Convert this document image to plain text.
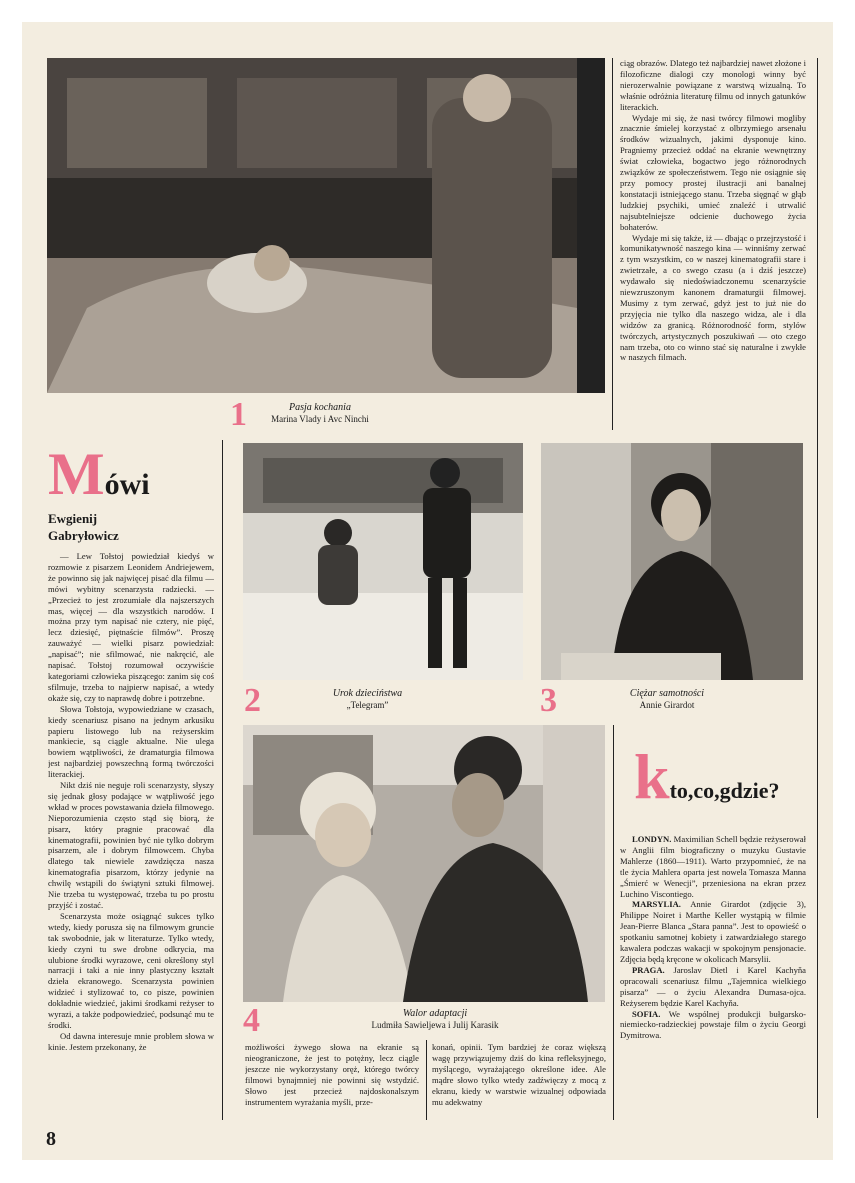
1	Pasja kochania
Marina Vlady i Avc Ninchi

ciąg obrazów. Dlatego też najbardziej nawet złożone i filozoficzne dialogi czy monologi winny być nierozerwalnie powiązane z warstwą wizualną. To właśnie odróżnia literaturę filmu od innych gatunków literackich.

Wydaje mi się, że nasi twórcy filmowi mogliby znacznie śmielej korzystać z olbrzymiego arsenału środków wizualnych, jakimi dysponuje kino. Pragniemy przecież oddać na ekranie wewnętrzny świat człowieka, bogactwo jego różnorodnych związków ze społeczeństwem. Tego nie osiągnie się przy pomocy prostej ilustracji ani banalnej konstatacji istniejącego stanu. Trzeba sięgnąć w głąb ludzkiej psychiki, umieć znaleźć i utrwalić najsubtelniejsze odcienie duchowego życia bohaterów.

Wydaje mi się także, iż — dbając o przejrzystość i komunikatywność naszego kina — winniśmy zerwać z tym wszystkim, co w naszej kinematografii stare i zwietrzałe, a co swego czasu (a i dziś jeszcze) wydawało się niedoświadczonemu scenarzyście niewzruszonym kanonem dramaturgii filmowej. Musimy z tym zerwać, gdyż jest to już nie do przyjęcia nie tylko dla naszego widza, ale i dla widzów za granicą. Różnorodność form, stylów twórczych, artystycznych poszukiwań — oto czego nam trzeba, oto co winno stać się naturalne i zwykłe w naszych filmach.

Mówi
Ewgienij
Gabryłowicz

— Lew Tołstoj powiedział kiedyś w rozmowie z pisarzem Leonidem Andriejewem, że powinno się jak najwięcej pisać dla filmu — mówi wybitny scenarzysta radziecki. — „Przecież to jest zrozumiałe dla najszerszych mas, więcej — dla wszystkich narodów. I można przy tym napisać nie cztery, nie pięć, lecz dziesięć, piętnaście filmów”. Proszę zauważyć — wielki pisarz powiedział: „napisać”; nie sfilmować, nie nakręcić, ale napisać. Tołstoj rozumował oczywiście kategoriami człowieka piszącego: zanim się coś sfilmuje, trzeba to najpierw napisać, a wtedy okaże się, czy to naprawdę dobre i potrzebne.

Słowa Tołstoja, wypowiedziane w czasach, kiedy scenariusz pisano na jednym arkusiku papieru listowego lub na reżyserskim mankiecie, są ciągle aktualne. Nie ulega bowiem wątpliwości, że dramaturgia filmowa jest najbardziej powszechną formą twórczości literackiej.

Nikt dziś nie neguje roli scenarzysty, słyszy się jednak głosy podające w wątpliwość jego wkład w proces powstawania dzieła filmowego. Nieporozumienia często stąd się biorą, że pisarz, który pragnie pracować dla kinematografii, powinien być nie tylko dobrym pisarzem, ale i dobrym filmowcem. Chyba dlatego tak niewiele zawdzięcza nasza kinematografia pisarzom, którzy jedynie na chwilę wstąpili do świątyni sztuki filmowej. Nie trzeba tu występować, trzeba tu po prostu przyjść i zostać.

Scenarzysta może osiągnąć sukces tylko wtedy, kiedy porusza się na filmowym gruncie tak swobodnie, jak w literaturze. Tylko wtedy, kiedy czyni tu swe drobne odkrycia, ma ulubione środki wyrazowe, ceni określony styl narracji i taki a nie inny plastyczny kształt dzieła ekranowego. Scenarzysta powinien widzieć i stylizować to, co pisze, powinien dokładnie wiedzieć, jakimi środkami reżyser to wyrazi, a także podpowiedzieć, podsunąć mu te środki.

Od dawna interesuje mnie problem słowa w kinie. Jestem przekonany, że

2	Urok dzieciństwa
„Telegram”	3	Ciężar samotności
Annie Girardot
4	Walor adaptacji
Ludmiła Sawieljewa i Julij Karasik

możliwości żywego słowa na ekranie są nieograniczone, że jest to potężny, lecz ciągle jeszcze nie wykorzystany oręż, którego twórcy filmowi bynajmniej nie powinni się wstydzić. Słowo jest przecież najdoskonalszym instrumentem wyrażania myśli, prze-

konań, opinii. Tym bardziej że coraz większą wagę przywiązujemy dziś do kina refleksyjnego, myślącego, wyrażającego określone idee. Ale mądre słowo tylko wtedy zadźwięczy z mocą z ekranu, kiedy w warstwie wizualnej odpowiada mu adekwatny

kto,co,gdzie?

LONDYN. Maximilian Schell będzie reżyserował w Anglii film biograficzny o muzyku Gustavie Mahlerze (1860—1911). Warto przypomnieć, że na tle życia Mahlera oparta jest nowela Tomasza Manna „Śmierć w Wenecji”, przeniesiona na ekran przez Luchino Viscontiego.

MARSYLIA. Annie Girardot (zdjęcie 3), Philippe Noiret i Marthe Keller wystąpią w filmie Jean-Pierre Blanca „Stara panna”. Jest to opowieść o spotkaniu samotnej kobiety i zatwardziałego starego kawalera podczas wakacji w spokojnym pensjonacie. Zdjęcia będą kręcone w okolicach Marsylii.

PRAGA. Jaroslav Dietl i Karel Kachyňa opracowali scenariusz filmu „Tajemnica wielkiego pisarza” — o życiu Alexandra Dumasa-ojca. Reżyserem będzie Karel Kachyňa.

SOFIA. We wspólnej produkcji bułgarsko-niemiecko-radzieckiej powstaje film o życiu Georgi Dymitrowa.

8
